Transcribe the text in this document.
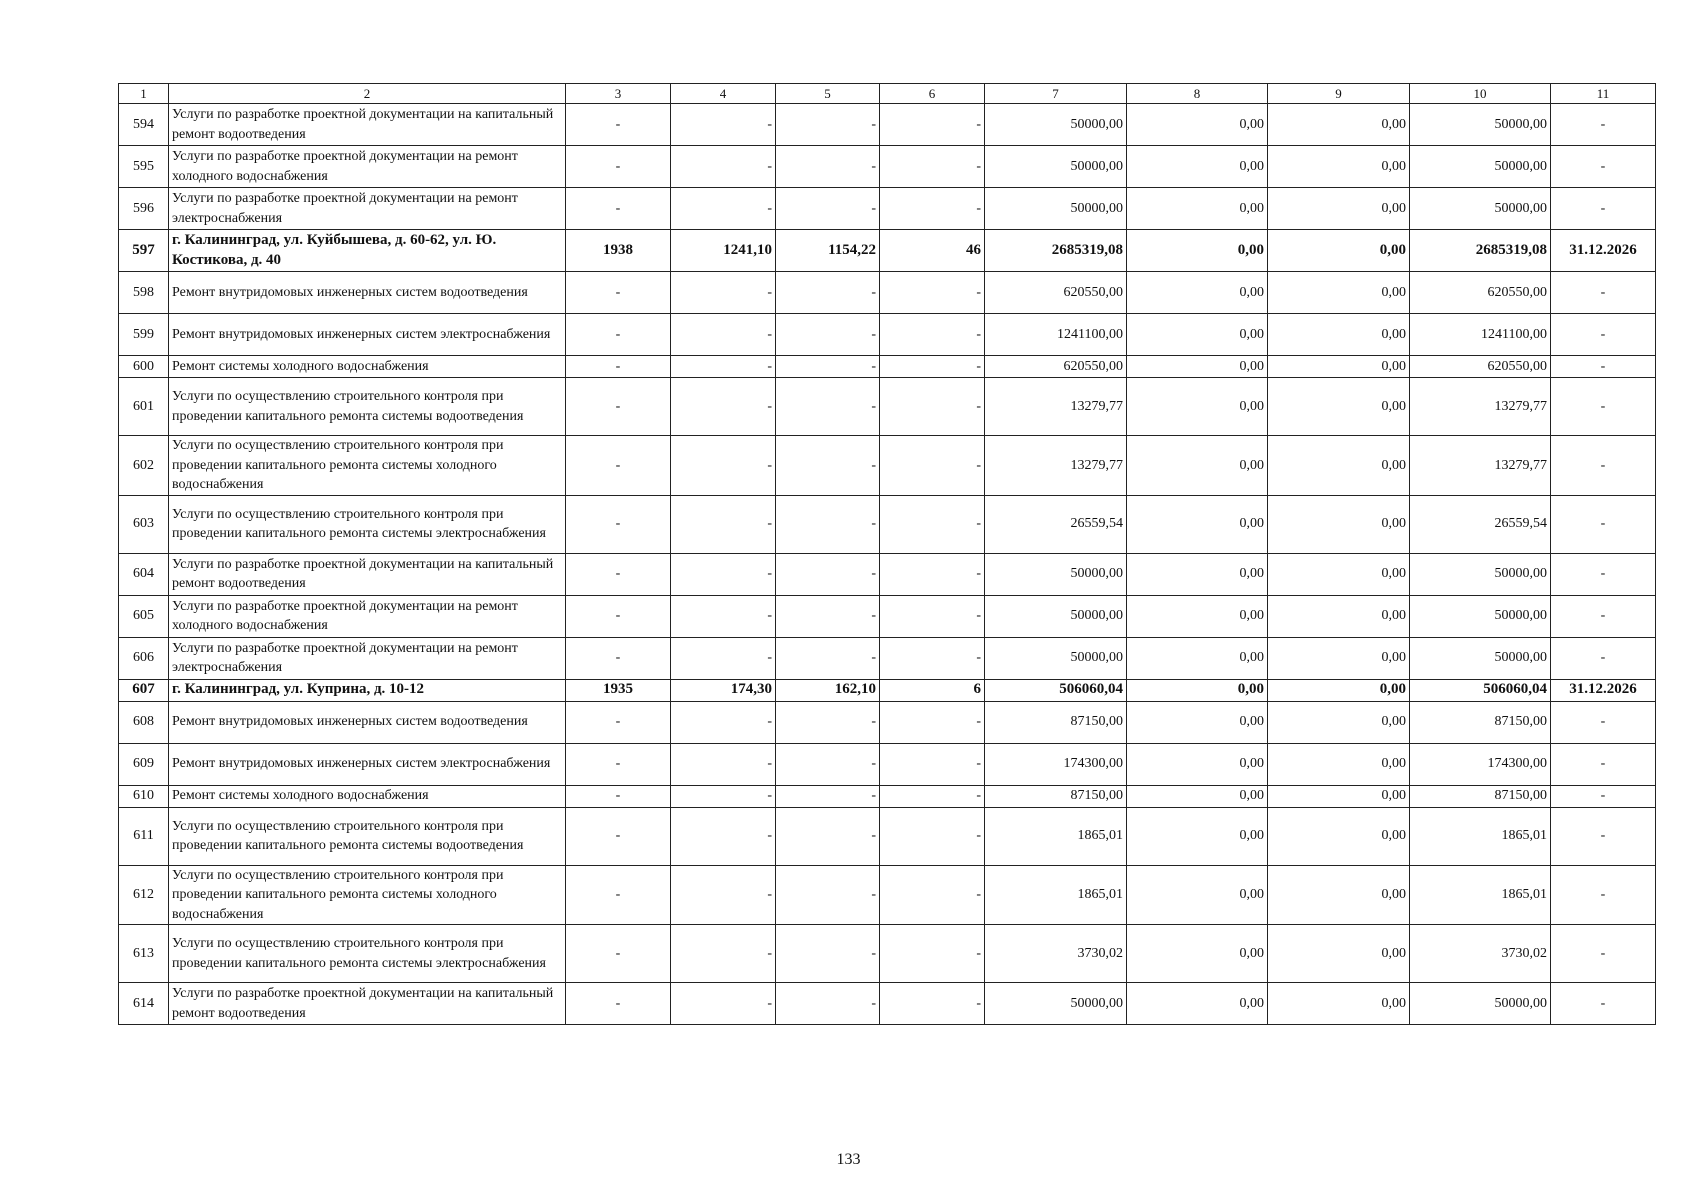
1	2	3	4	5	6	7	8	9	10	11
594	Услуги по разработке проектной документации на капитальный ремонт водоотведения	-	-	-	-	50000,00	0,00	0,00	50000,00	-
595	Услуги по разработке проектной документации на ремонт холодного водоснабжения	-	-	-	-	50000,00	0,00	0,00	50000,00	-
596	Услуги по разработке проектной документации на ремонт электроснабжения	-	-	-	-	50000,00	0,00	0,00	50000,00	-
597	г. Калининград, ул. Куйбышева, д. 60-62, ул. Ю. Костикова, д. 40	1938	1241,10	1154,22	46	2685319,08	0,00	0,00	2685319,08	31.12.2026
598	Ремонт внутридомовых инженерных систем водоотведения	-	-	-	-	620550,00	0,00	0,00	620550,00	-
599	Ремонт внутридомовых инженерных систем электроснабжения	-	-	-	-	1241100,00	0,00	0,00	1241100,00	-
600	Ремонт системы холодного водоснабжения	-	-	-	-	620550,00	0,00	0,00	620550,00	-
601	Услуги по осуществлению строительного контроля при проведении капитального ремонта системы водоотведения	-	-	-	-	13279,77	0,00	0,00	13279,77	-
602	Услуги по осуществлению строительного контроля при проведении капитального ремонта системы холодного водоснабжения	-	-	-	-	13279,77	0,00	0,00	13279,77	-
603	Услуги по осуществлению строительного контроля при проведении капитального ремонта системы электроснабжения	-	-	-	-	26559,54	0,00	0,00	26559,54	-
604	Услуги по разработке проектной документации на капитальный ремонт водоотведения	-	-	-	-	50000,00	0,00	0,00	50000,00	-
605	Услуги по разработке проектной документации на ремонт холодного водоснабжения	-	-	-	-	50000,00	0,00	0,00	50000,00	-
606	Услуги по разработке проектной документации на ремонт электроснабжения	-	-	-	-	50000,00	0,00	0,00	50000,00	-
607	г. Калининград, ул. Куприна, д. 10-12	1935	174,30	162,10	6	506060,04	0,00	0,00	506060,04	31.12.2026
608	Ремонт внутридомовых инженерных систем водоотведения	-	-	-	-	87150,00	0,00	0,00	87150,00	-
609	Ремонт внутридомовых инженерных систем электроснабжения	-	-	-	-	174300,00	0,00	0,00	174300,00	-
610	Ремонт системы холодного водоснабжения	-	-	-	-	87150,00	0,00	0,00	87150,00	-
611	Услуги по осуществлению строительного контроля при проведении капитального ремонта системы водоотведения	-	-	-	-	1865,01	0,00	0,00	1865,01	-
612	Услуги по осуществлению строительного контроля при проведении капитального ремонта системы холодного водоснабжения	-	-	-	-	1865,01	0,00	0,00	1865,01	-
613	Услуги по осуществлению строительного контроля при проведении капитального ремонта системы электроснабжения	-	-	-	-	3730,02	0,00	0,00	3730,02	-
614	Услуги по разработке проектной документации на капитальный ремонт водоотведения	-	-	-	-	50000,00	0,00	0,00	50000,00	-
133
